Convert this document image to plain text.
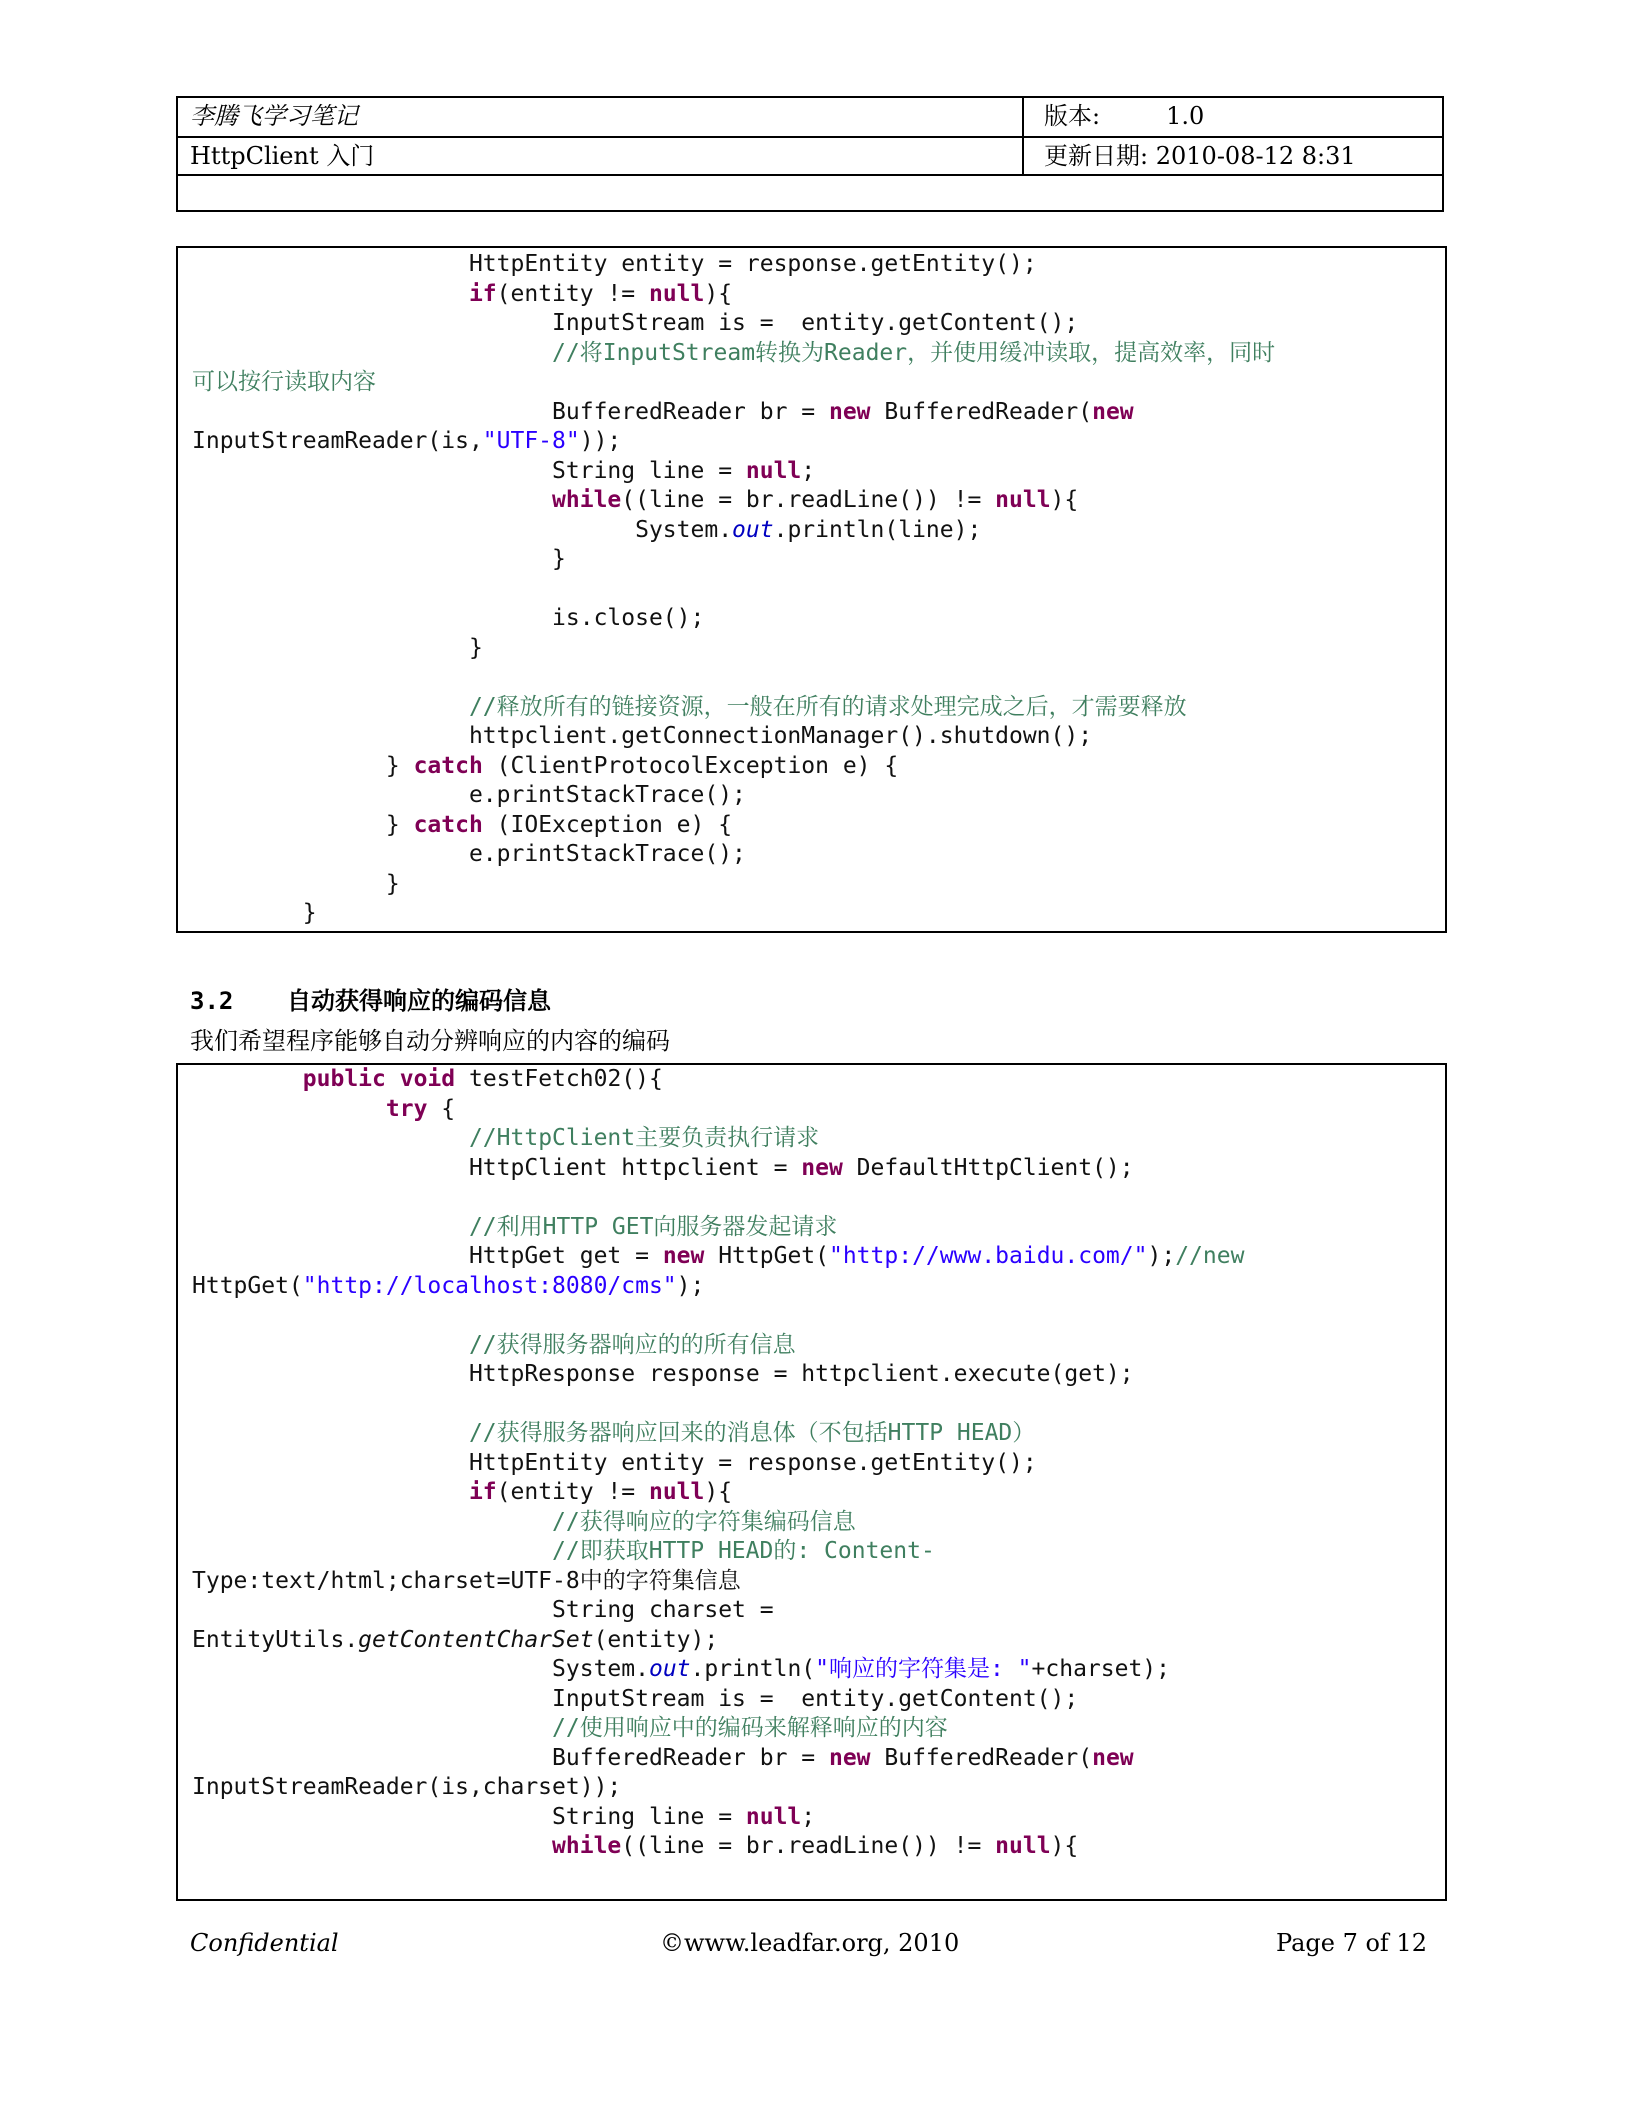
李腾飞学习笔记	版本:	1.0
HttpClient 入门	更新日期: 2010-08-12 8:31
HttpEntity entity = response.getEntity();
if(entity != null){
InputStream is =  entity.getContent();
//将InputStream转换为Reader，并使用缓冲读取，提高效率，同时
可以按行读取内容
BufferedReader br = new BufferedReader(new
InputStreamReader(is,"UTF-8"));
String line = null;
while((line = br.readLine()) != null){
System.out.println(line);
}

is.close();
}

//释放所有的链接资源，一般在所有的请求处理完成之后，才需要释放
httpclient.getConnectionManager().shutdown();
} catch (ClientProtocolException e) {
e.printStackTrace();
} catch (IOException e) {
e.printStackTrace();
}
}
3.2 自动获得响应的编码信息
我们希望程序能够自动分辨响应的内容的编码
public void testFetch02(){
try {
//HttpClient主要负责执行请求
HttpClient httpclient = new DefaultHttpClient();

//利用HTTP GET向服务器发起请求
HttpGet get = new HttpGet("http://www.baidu.com/");//new
HttpGet("http://localhost:8080/cms");

//获得服务器响应的的所有信息
HttpResponse response = httpclient.execute(get);

//获得服务器响应回来的消息体（不包括HTTP HEAD）
HttpEntity entity = response.getEntity();
if(entity != null){
//获得响应的字符集编码信息
//即获取HTTP HEAD的: Content-
Type:text/html;charset=UTF-8中的字符集信息
String charset =
EntityUtils.getContentCharSet(entity);
System.out.println("响应的字符集是: "+charset);
InputStream is =  entity.getContent();
//使用响应中的编码来解释响应的内容
BufferedReader br = new BufferedReader(new
InputStreamReader(is,charset));
String line = null;
while((line = br.readLine()) != null){
Confidential	©www.leadfar.org, 2010	Page 7 of 12
